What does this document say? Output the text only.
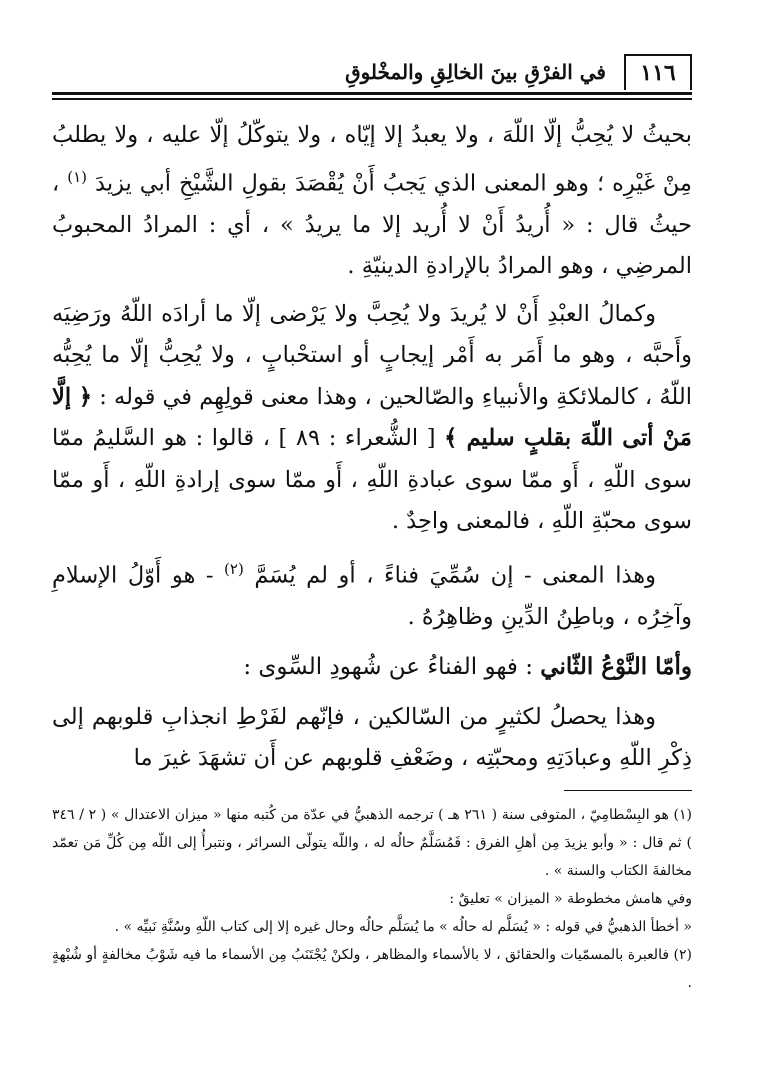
١١٦
في الفرْقِ بينَ الخالِقِ والمخْلوقِ

بحيثُ لا يُحِبُّ إلّا اللّهَ ، ولا يعبدُ إلا إيّاه ، ولا يتوكّلُ إلّا عليه ، ولا يطلبُ مِنْ غَيْرِه ؛ وهو المعنى الذي يَجبُ أَنْ يُقْصَدَ بقولِ الشَّيْخِ أبي يزيدَ $^{(١)}$ ، حيثُ قال : « أُريدُ أَنْ لا أُريد إلا ما يريدُ » ، أي : المرادُ المحبوبُ المرضِي ، وهو المرادُ بالإرادةِ الدينيّةِ .

وكمالُ العبْدِ أَنْ لا يُريدَ ولا يُحِبَّ ولا يَرْضى إلّا ما أرادَه اللّهُ ورَضِيَه وأَحبَّه ، وهو ما أَمَر به أَمْر إيجابٍ أو استحْبابٍ ، ولا يُحِبُّ إلّا ما يُحِبُّه اللّهُ ، كالملائكةِ والأنبياءِ والصّالحين ، وهذا معنى قولِهِم في قوله : ﴿ إلَّا مَنْ أتى اللّهَ بقلبٍ سليم ﴾ [ الشُّعراء : ٨٩ ] ، قالوا : هو السَّليمُ ممّا سوى اللّهِ ، أَو ممّا سوى عبادةِ اللّهِ ، أَو ممّا سوى إرادةِ اللّهِ ، أَو ممّا سوى محبّةِ اللّهِ ، فالمعنى واحِدٌ .

وهذا المعنى - إن سُمِّيَ فناءً ، أو لم يُسَمَّ $^{(٢)}$ - هو أَوّلُ الإسلامِ وآخِرُه ، وباطِنُ الدِّينِ وظاهِرُهُ .

وأمّا النَّوْعُ الثّاني : فهو الفناءُ عن شُهودِ السِّوى :

وهذا يحصلُ لكثيرٍ من السّالكين ، فإنّهم لفَرْطِ انجذابِ قلوبهم إلى ذِكْرِ اللّهِ وعبادَتِهِ ومحبّتِه ، وضَعْفِ قلوبهم عن أَن تشهَدَ غيرَ ما

(١) هو البِسْطامِيّ ، المتوفى سنة ( ٢٦١ هـ ) ترجمه الذهبيُّ في عدّة من كُتبه منها « ميزان الاعتدال » ( ٢ / ٣٤٦ ) ثم قال : « وأبو يزيدَ مِن أهلِ الفرق : فَمُسَلَّمٌ حالُه له ، واللّه يتولّى السرائر ، ونتبرأُ إلى اللّه مِن كُلِّ مَن تعمّد مخالفةَ الكتاب والسنة » .

وفي هامش مخطوطة « الميزان » تعليقٌ :

« أخطأ الذهبيُّ في قوله : « يُسَلَّم له حالُه » ما يُسَلَّم حالُه وحال غيره إلا إلى كتاب اللّهِ وسُنَّةِ نَبيِّه » .

(٢) فالعبرة بالمسمّيات والحقائق ، لا بالأسماء والمظاهر ، ولكنْ يُجْتَنَبُ مِن الأسماء ما فيه شَوْبُ مخالفةٍ أو شُبْهةٍ .
